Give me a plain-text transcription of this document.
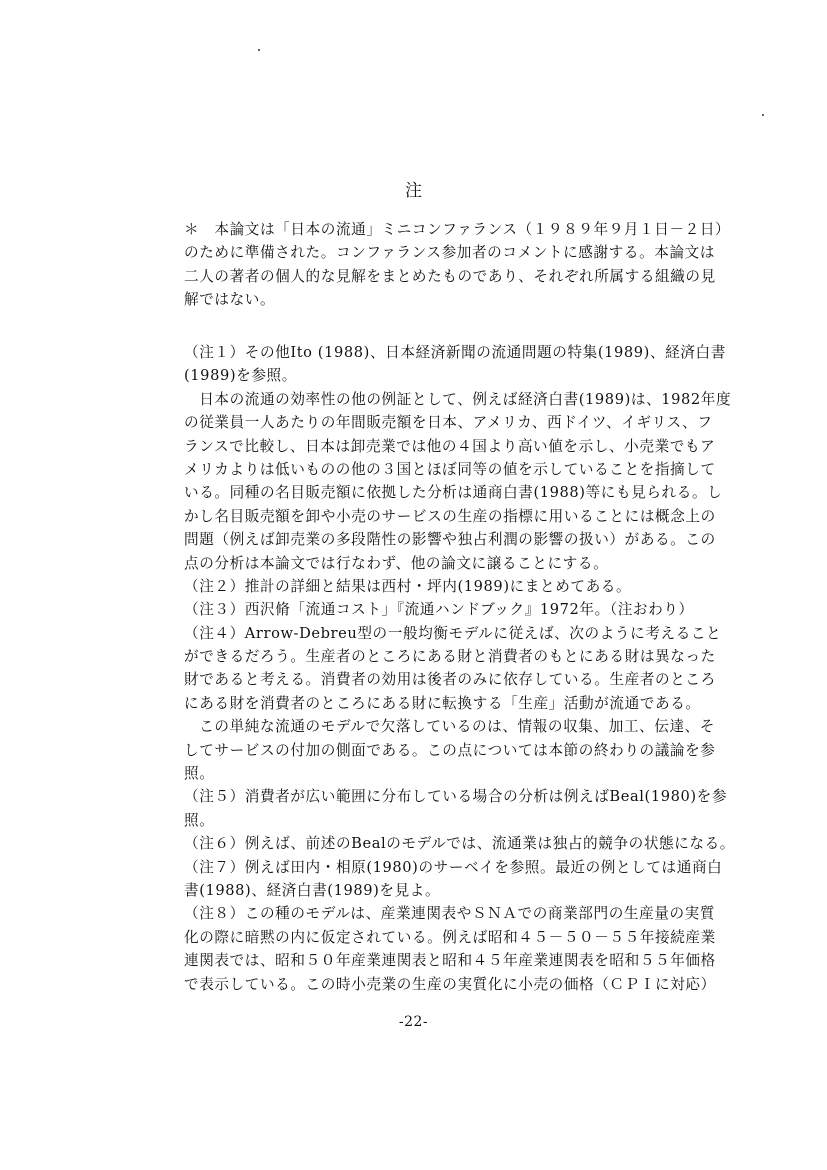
注
＊　本論文は「日本の流通」ミニコンファランス（１９８９年９月１日－２日）
のために準備された。コンファランス参加者のコメントに感謝する。本論文は
二人の著者の個人的な見解をまとめたものであり、それぞれ所属する組織の見
解ではない。
（注１）その他Ito (1988)、日本経済新聞の流通問題の特集(1989)、経済白書
(1989)を参照。
　日本の流通の効率性の他の例証として、例えば経済白書(1989)は、1982年度
の従業員一人あたりの年間販売額を日本、アメリカ、西ドイツ、イギリス、フ
ランスで比較し、日本は卸売業では他の４国より高い値を示し、小売業でもア
メリカよりは低いものの他の３国とほぼ同等の値を示していることを指摘して
いる。同種の名目販売額に依拠した分析は通商白書(1988)等にも見られる。し
かし名目販売額を卸や小売のサービスの生産の指標に用いることには概念上の
問題（例えば卸売業の多段階性の影響や独占利潤の影響の扱い）がある。この
点の分析は本論文では行なわず、他の論文に譲ることにする。
（注２）推計の詳細と結果は西村・坪内(1989)にまとめてある。
（注３）西沢脩「流通コスト」『流通ハンドブック』1972年。（注おわり）
（注４）Arrow-Debreu型の一般均衡モデルに従えば、次のように考えること
ができるだろう。生産者のところにある財と消費者のもとにある財は異なった
財であると考える。消費者の効用は後者のみに依存している。生産者のところ
にある財を消費者のところにある財に転換する「生産」活動が流通である。
　この単純な流通のモデルで欠落しているのは、情報の収集、加工、伝達、そ
してサービスの付加の側面である。この点については本節の終わりの議論を参
照。
（注５）消費者が広い範囲に分布している場合の分析は例えばBeal(1980)を参
照。
（注６）例えば、前述のBealのモデルでは、流通業は独占的競争の状態になる。
（注７）例えば田内・相原(1980)のサーベイを参照。最近の例としては通商白
書(1988)、経済白書(1989)を見よ。
（注８）この種のモデルは、産業連関表やＳＮＡでの商業部門の生産量の実質
化の際に暗黙の内に仮定されている。例えば昭和４５－５０－５５年接続産業
連関表では、昭和５０年産業連関表と昭和４５年産業連関表を昭和５５年価格
で表示している。この時小売業の生産の実質化に小売の価格（ＣＰＩに対応）
-22-
